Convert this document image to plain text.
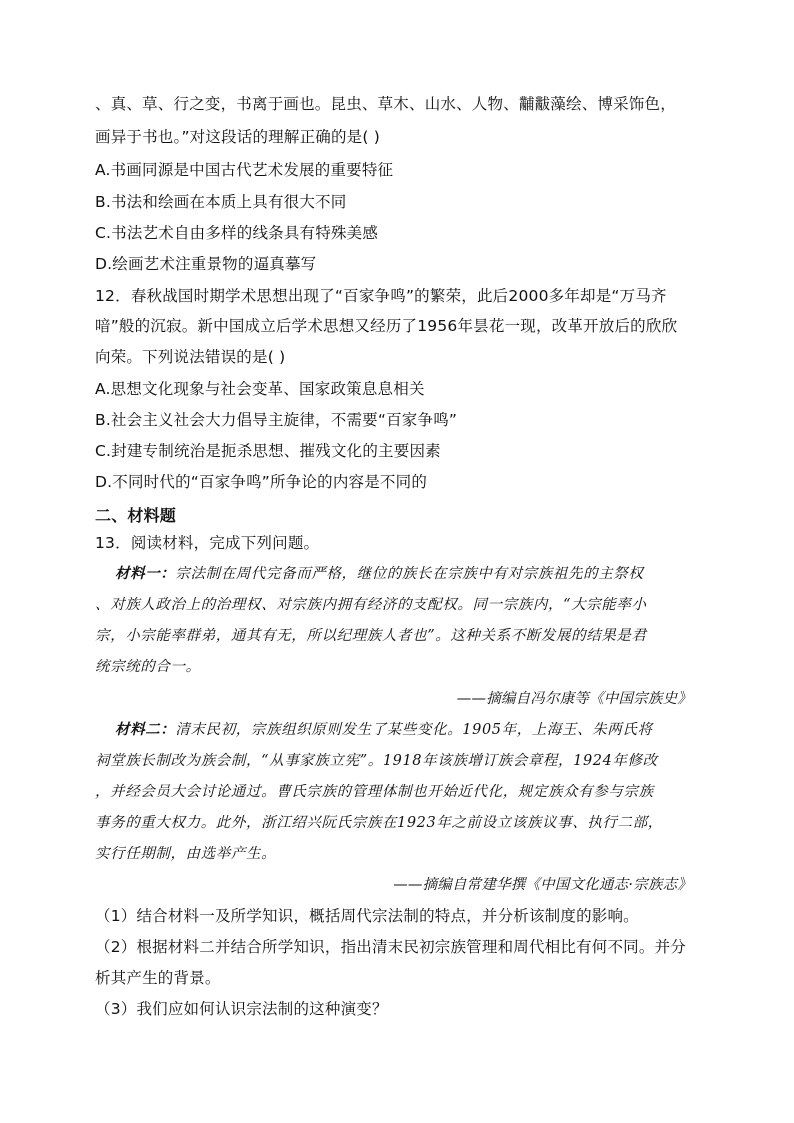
、真、草、行之变，书离于画也。昆虫、草木、山水、人物、黼黻藻绘、博采饰色，
画异于书也。”对这段话的理解正确的是( )
A.书画同源是中国古代艺术发展的重要特征
B.书法和绘画在本质上具有很大不同
C.书法艺术自由多样的线条具有特殊美感
D.绘画艺术注重景物的逼真摹写
12．春秋战国时期学术思想出现了“百家争鸣”的繁荣，此后2000多年却是“万马齐
喑”般的沉寂。新中国成立后学术思想又经历了1956年昙花一现，改革开放后的欣欣
向荣。下列说法错误的是( )
A.思想文化现象与社会变革、国家政策息息相关
B.社会主义社会大力倡导主旋律，不需要“百家争鸣”
C.封建专制统治是扼杀思想、摧残文化的主要因素
D.不同时代的“百家争鸣”所争论的内容是不同的
二、材料题
13．阅读材料，完成下列问题。
材料一：宗法制在周代完备而严格，继位的族长在宗族中有对宗族祖先的主祭权
、对族人政治上的治理权、对宗族内拥有经济的支配权。同一宗族内，“大宗能率小
宗，小宗能率群弟，通其有无，所以纪理族人者也”。这种关系不断发展的结果是君
统宗统的合一。
——摘编自冯尔康等《中国宗族史》
材料二：清末民初，宗族组织原则发生了某些变化。1905年，上海王、朱两氏将
祠堂族长制改为族会制，“从事家族立宪”。1918年该族增订族会章程，1924年修改
，并经会员大会讨论通过。曹氏宗族的管理体制也开始近代化，规定族众有参与宗族
事务的重大权力。此外，浙江绍兴阮氏宗族在1923年之前设立该族议事、执行二部，
实行任期制，由选举产生。
——摘编自常建华撰《中国文化通志·宗族志》
（1）结合材料一及所学知识，概括周代宗法制的特点，并分析该制度的影响。
（2）根据材料二并结合所学知识，指出清末民初宗族管理和周代相比有何不同。并分
析其产生的背景。
（3）我们应如何认识宗法制的这种演变？
